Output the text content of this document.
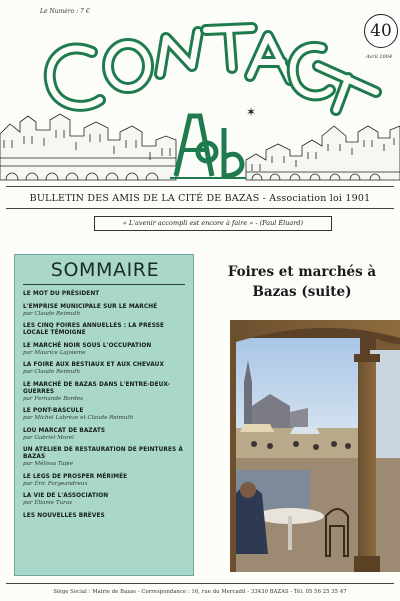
✶
Le Numéro : 7 €
40
Avril 2004
BULLETIN DES AMIS DE LA CITÉ DE BAZAS - Association loi 1901
« L'avenir accompli est encore à faire » - (Paul Éluard)
SOMMAIRE
LE MOT DU PRÉSIDENT
L'EMPRISE MUNICIPALE SUR LE MARCHÉ
par Claude Reimuth
LES CINQ FOIRES ANNUELLES : LA PRESSE LOCALE TÉMOIGNE
LE MARCHÉ NOIR SOUS L'OCCUPATION
par Maurice Lajoieme
LA FOIRE AUX BESTIAUX ET AUX CHEVAUX
par Claude Reimuth
LE MARCHÉ DE BAZAS DANS L'ENTRE-DEUX-GUERRES
par Fernande Bordes
LE PONT-BASCULE
par Michel Labrèze et Claude Reimuth
LOU MARCAT DE BAZATS
par Gabriel Morel
UN ATELIER DE RESTAURATION DE PEINTURES À BAZAS
par Mélissa Tapie
LE LEGS DE PROSPER MÉRIMÉE
par Éric Forgeandreux
LA VIE DE L'ASSOCIATION
par Élianie Turas
LES NOUVELLES BRÈVES
Foires et marchés à Bazas (suite)
Siège Social : Mairie de Bazas - Correspondance : 16, rue du Mercadil - 33430 BAZAS - Tél. 05 56 25 35 47
